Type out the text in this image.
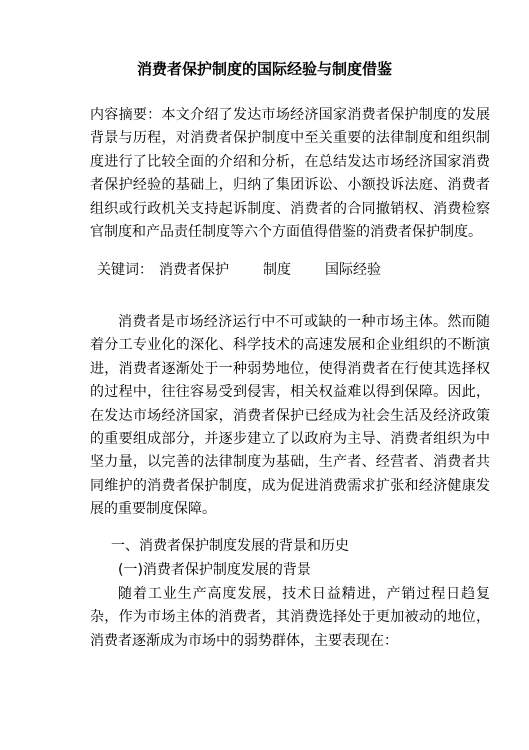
消费者保护制度的国际经验与制度借鉴

内容摘要：本文介绍了发达市场经济国家消费者保护制度的发展背景与历程，对消费者保护制度中至关重要的法律制度和组织制度进行了比较全面的介绍和分析，在总结发达市场经济国家消费者保护经验的基础上，归纳了集团诉讼、小额投诉法庭、消费者组织或行政机关支持起诉制度、消费者的合同撤销权、消费检察官制度和产品责任制度等六个方面值得借鉴的消费者保护制度。

关键词： 消费者保护 制度 国际经验

消费者是市场经济运行中不可或缺的一种市场主体。然而随着分工专业化的深化、科学技术的高速发展和企业组织的不断演进，消费者逐渐处于一种弱势地位，使得消费者在行使其选择权的过程中，往往容易受到侵害，相关权益难以得到保障。因此，在发达市场经济国家，消费者保护已经成为社会生活及经济政策的重要组成部分，并逐步建立了以政府为主导、消费者组织为中坚力量，以完善的法律制度为基础，生产者、经营者、消费者共同维护的消费者保护制度，成为促进消费需求扩张和经济健康发展的重要制度保障。

一、消费者保护制度发展的背景和历史
(一)消费者保护制度发展的背景

随着工业生产高度发展，技术日益精进，产销过程日趋复杂，作为市场主体的消费者，其消费选择处于更加被动的地位，消费者逐渐成为市场中的弱势群体，主要表现在：
